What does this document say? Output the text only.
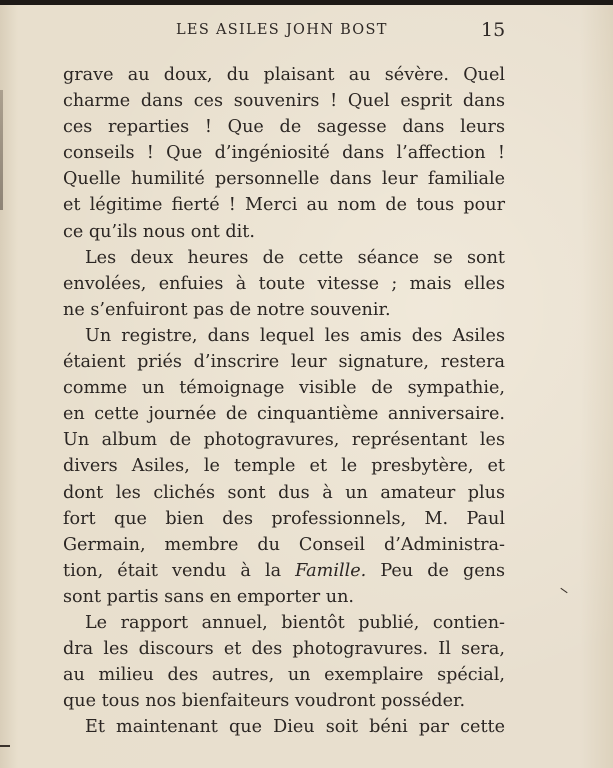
LES ASILES JOHN BOST	15
grave au doux, du plaisant au sévère. Quel
charme dans ces souvenirs ! Quel esprit dans
ces reparties ! Que de sagesse dans leurs
conseils ! Que d’ingéniosité dans l’affection !
Quelle humilité personnelle dans leur familiale
et légitime fierté ! Merci au nom de tous pour
ce qu’ils nous ont dit.
Les deux heures de cette séance se sont
envolées, enfuies à toute vitesse ; mais elles
ne s’enfuiront pas de notre souvenir.
Un registre, dans lequel les amis des Asiles
étaient priés d’inscrire leur signature, restera
comme un témoignage visible de sympathie,
en cette journée de cinquantième anniversaire.
Un album de photogravures, représentant les
divers Asiles, le temple et le presbytère, et
dont les clichés sont dus à un amateur plus
fort que bien des professionnels, M. Paul
Germain, membre du Conseil d’Administra-
tion, était vendu à la Famille. Peu de gens
sont partis sans en emporter un.
Le rapport annuel, bientôt publié, contien-
dra les discours et des photogravures. Il sera,
au milieu des autres, un exemplaire spécial,
que tous nos bienfaiteurs voudront posséder.
Et maintenant que Dieu soit béni par cette
